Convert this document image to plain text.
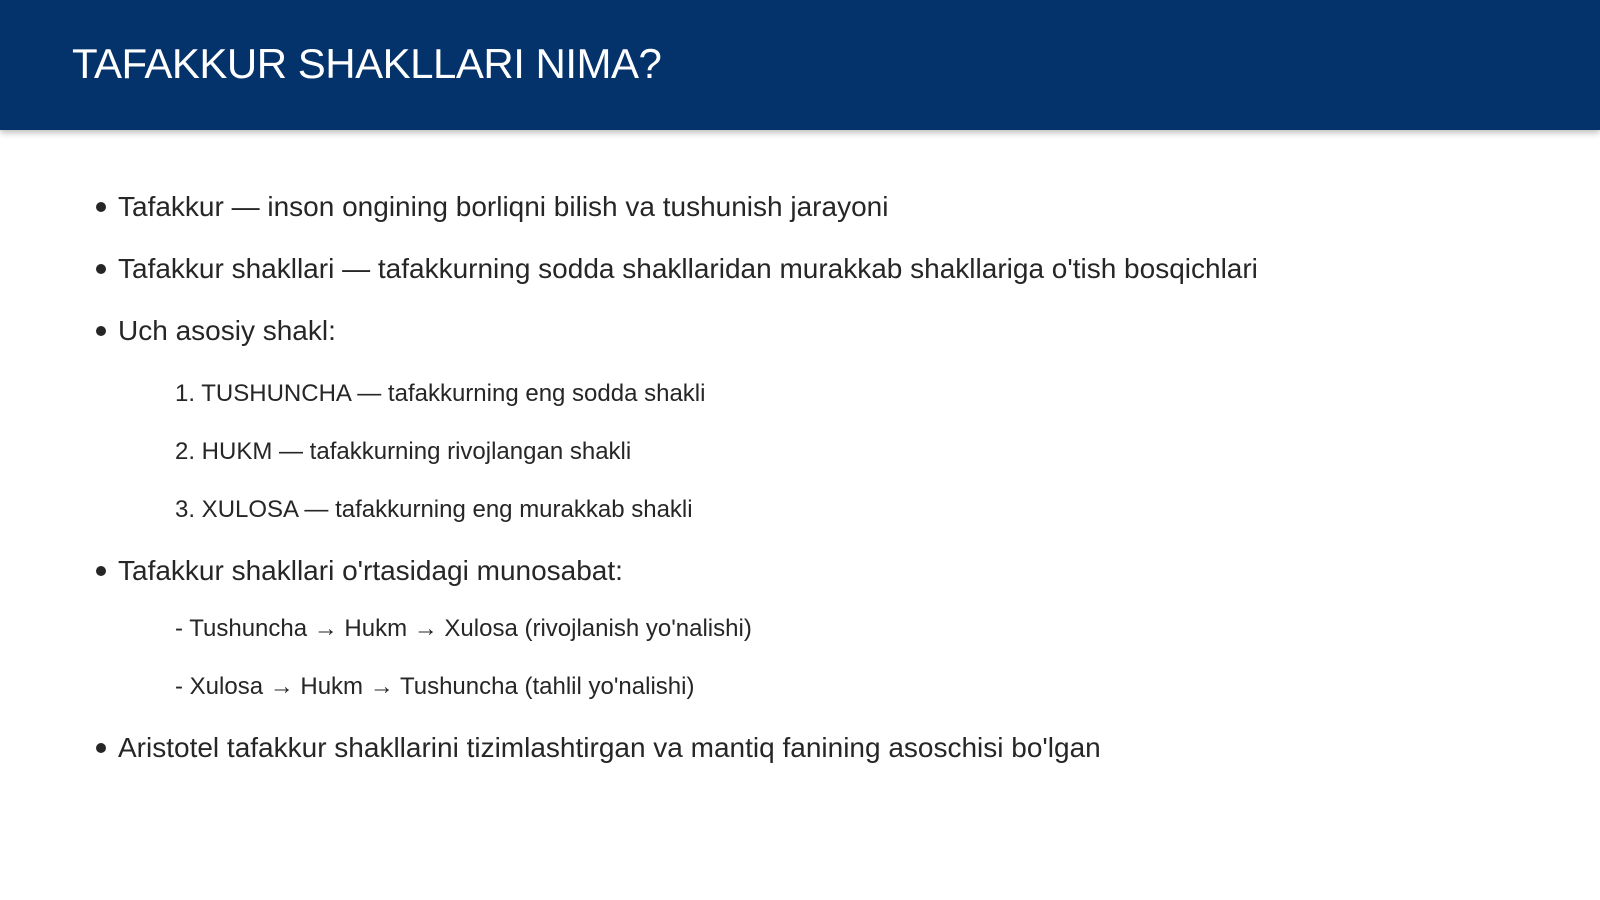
TAFAKKUR SHAKLLARI NIMA?
Tafakkur — inson ongining borliqni bilish va tushunish jarayoni
Tafakkur shakllari — tafakkurning sodda shakllaridan murakkab shakllariga o'tish bosqichlari
Uch asosiy shakl:
1. TUSHUNCHA — tafakkurning eng sodda shakli
2. HUKM — tafakkurning rivojlangan shakli
3. XULOSA — tafakkurning eng murakkab shakli
Tafakkur shakllari o'rtasidagi munosabat:
- Tushuncha → Hukm → Xulosa (rivojlanish yo'nalishi)
- Xulosa → Hukm → Tushuncha (tahlil yo'nalishi)
Aristotel tafakkur shakllarini tizimlashtirgan va mantiq fanining asoschisi bo'lgan
